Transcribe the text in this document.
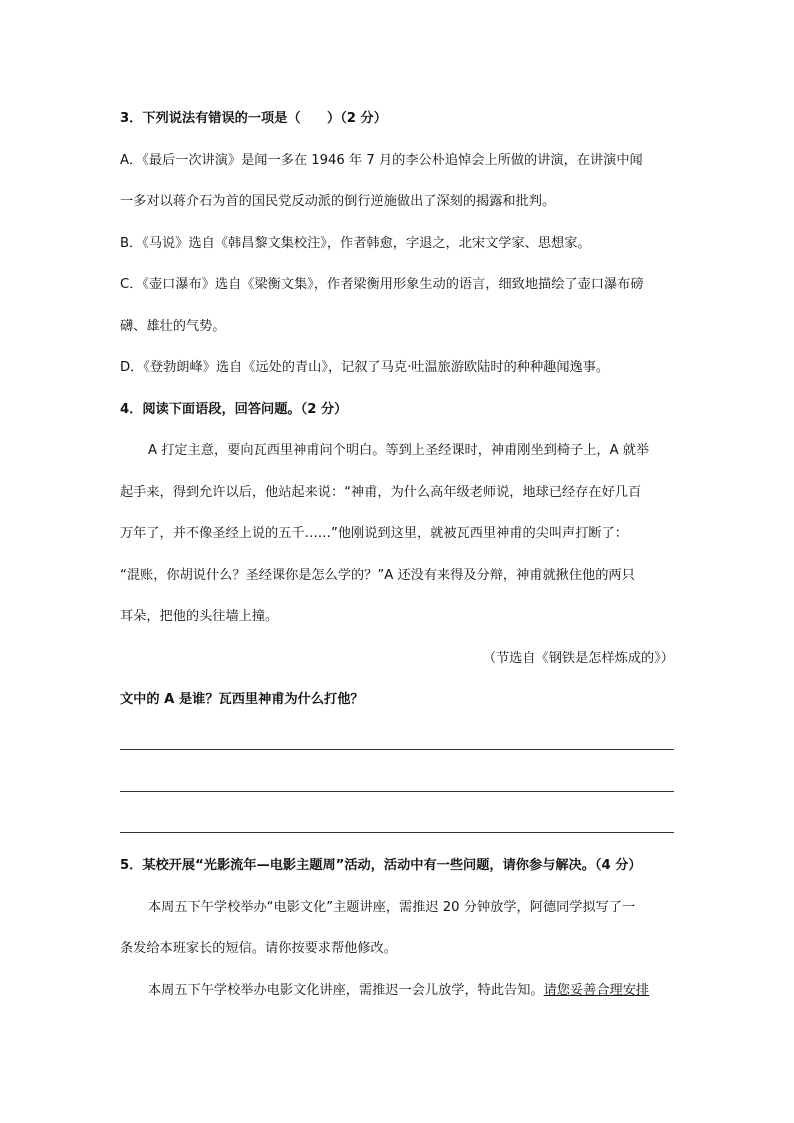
3．下列说法有错误的一项是（　　）（2 分）
A．《最后一次讲演》是闻一多在 1946 年 7 月的李公朴追悼会上所做的讲演，在讲演中闻
一多对以蒋介石为首的国民党反动派的倒行逆施做出了深刻的揭露和批判。
B．《马说》选自《韩昌黎文集校注》，作者韩愈，字退之，北宋文学家、思想家。
C．《壶口瀑布》选自《梁衡文集》，作者梁衡用形象生动的语言，细致地描绘了壶口瀑布磅
礴、雄壮的气势。
D．《登勃朗峰》选自《远处的青山》，记叙了马克·吐温旅游欧陆时的种种趣闻逸事。
4．阅读下面语段，回答问题。（2 分）
A 打定主意，要向瓦西里神甫问个明白。等到上圣经课时，神甫刚坐到椅子上，A 就举
起手来，得到允许以后，他站起来说：“神甫，为什么高年级老师说，地球已经存在好几百
万年了，并不像圣经上说的五千……”他刚说到这里，就被瓦西里神甫的尖叫声打断了：
“混账，你胡说什么？圣经课你是怎么学的？”A 还没有来得及分辩，神甫就揪住他的两只
耳朵，把他的头往墙上撞。
（节选自《钢铁是怎样炼成的》）
文中的 A 是谁？瓦西里神甫为什么打他？
5．某校开展“光影流年—电影主题周”活动，活动中有一些问题，请你参与解决。（4 分）
本周五下午学校举办“电影文化”主题讲座，需推迟 20 分钟放学，阿德同学拟写了一
条发给本班家长的短信。请你按要求帮他修改。
本周五下午学校举办电影文化讲座，需推迟一会儿放学，特此告知。请您妥善合理安排
